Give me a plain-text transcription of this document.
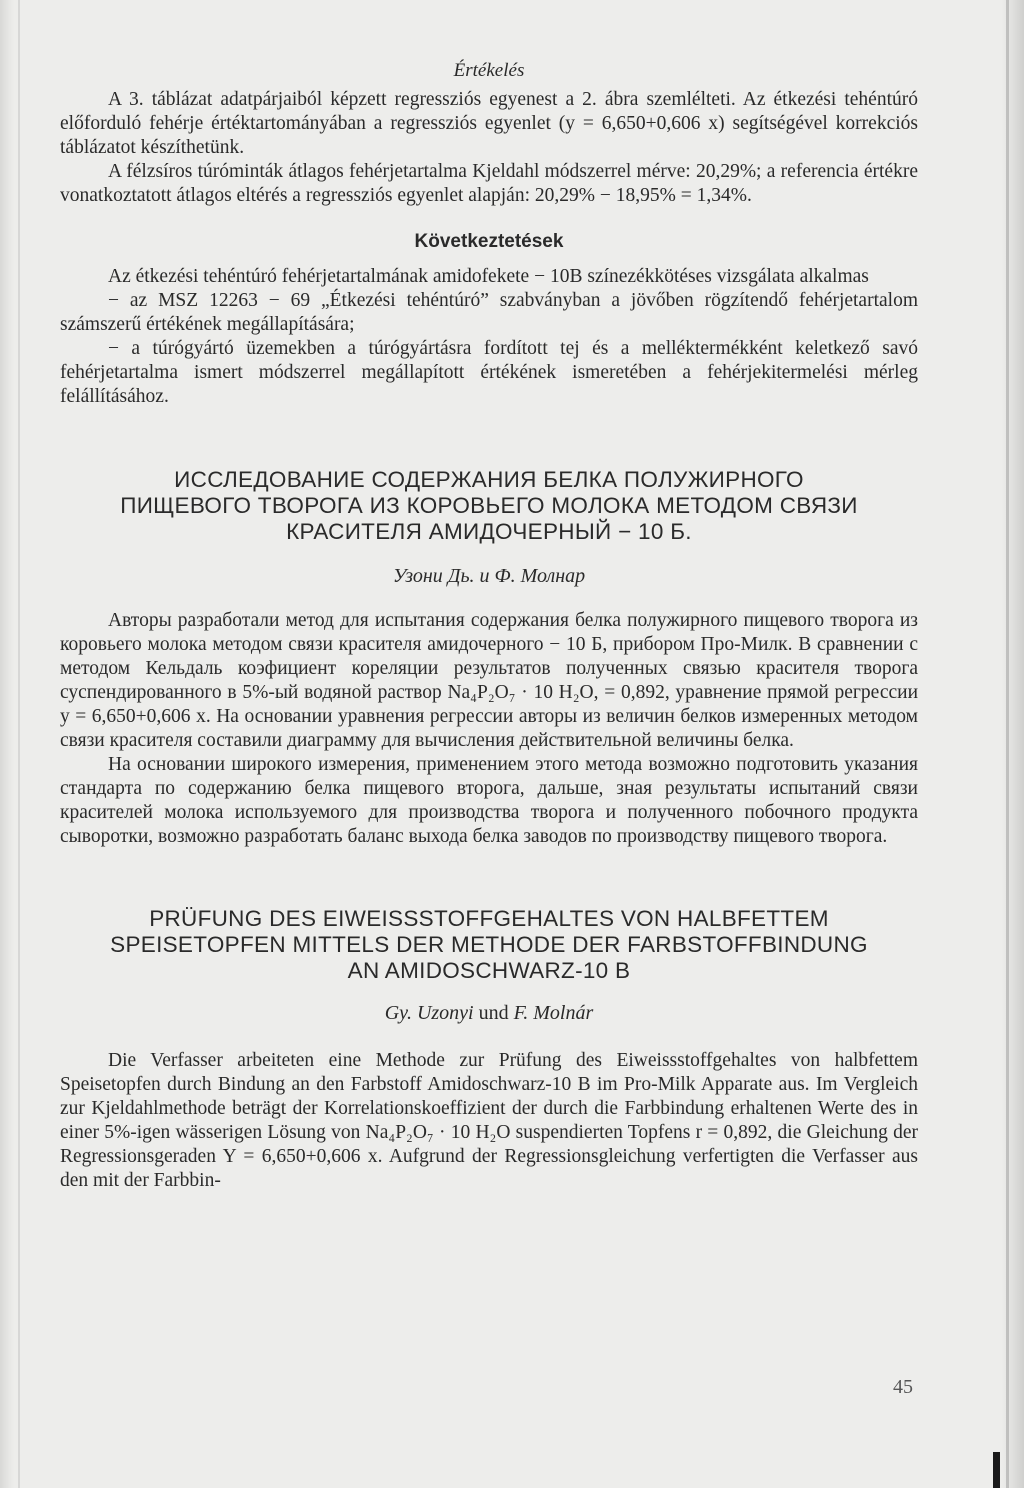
Értékelés

A 3. táblázat adatpárjaiból képzett regressziós egyenest a 2. ábra szemlélteti. Az étkezési tehéntúró előforduló fehérje értéktartományában a regressziós egyenlet (y = 6,650+0,606 x) segítségével korrekciós táblázatot készíthetünk.

A félzsíros túróminták átlagos fehérjetartalma Kjeldahl módszerrel mérve: 20,29%; a referencia értékre vonatkoztatott átlagos eltérés a regressziós egyenlet alapján: 20,29% − 18,95% = 1,34%.

Következtetések

Az étkezési tehéntúró fehérjetartalmának amidofekete − 10B színezékkötéses vizsgálata alkalmas

− az MSZ 12263 − 69 „Étkezési tehéntúró” szabványban a jövőben rögzítendő fehérjetartalom számszerű értékének megállapítására;

− a túrógyártó üzemekben a túrógyártásra fordított tej és a melléktermékként keletkező savó fehérjetartalma ismert módszerrel megállapított értékének ismeretében a fehérjekitermelési mérleg felállításához.

ИССЛЕДОВАНИЕ СОДЕРЖАНИЯ БЕЛКА ПОЛУЖИРНОГО
ПИЩЕВОГО ТВОРОГА ИЗ КОРОВЬЕГО МОЛОКА МЕТОДОМ СВЯЗИ
КРАСИТЕЛЯ АМИДОЧЕРНЫЙ − 10 Б.
Узони Дь. и Ф. Молнар

Авторы разработали метод для испытания содержания белка полужирного пищевого творога из коровьего молока методом связи красителя амидочерного − 10 Б, прибором Про-Милк. В сравнении с методом Кельдаль коэфициент кореляции результатов полученных связью красителя творога суспендированного в 5%-ый водяной раствор Na₄P₂O₇ · 10 H₂O, = 0,892, уравнение прямой регрессии y = 6,650+0,606 x. На основании уравнения регрессии авторы из величин белков измеренных методом связи красителя составили диаграмму для вычисления действительной величины белка.

На основании широкого измерения, применением этого метода возможно подготовить указания стандарта по содержанию белка пищевого вторoга, дальше, зная результаты испытаний связи красителей молока используемого для производства творога и полученного побочного продукта сыворотки, возможно разработать баланс выхода белка заводов по производству пищевого творога.

PRÜFUNG DES EIWEISSSTOFFGEHALTES VON HALBFETTEM
SPEISETOPFEN MITTELS DER METHODE DER FARBSTOFFBINDUNG
AN AMIDOSCHWARZ-10 B
Gy. Uzonyi und F. Molnár

Die Verfasser arbeiteten eine Methode zur Prüfung des Eiweissstoffgehaltes von halbfettem Speisetopfen durch Bindung an den Farbstoff Amidoschwarz-10 B im Pro-Milk Apparate aus. Im Vergleich zur Kjeldahlmethode beträgt der Korrelationskoeffizient der durch die Farbbindung erhaltenen Werte des in einer 5%-igen wässerigen Lösung von Na₄P₂O₇ · 10 H₂O suspendierten Topfens r = 0,892, die Gleichung der Regressionsgeraden Y = 6,650+0,606 x. Aufgrund der Regressionsgleichung verfertigten die Verfasser aus den mit der Farbbin-

45
